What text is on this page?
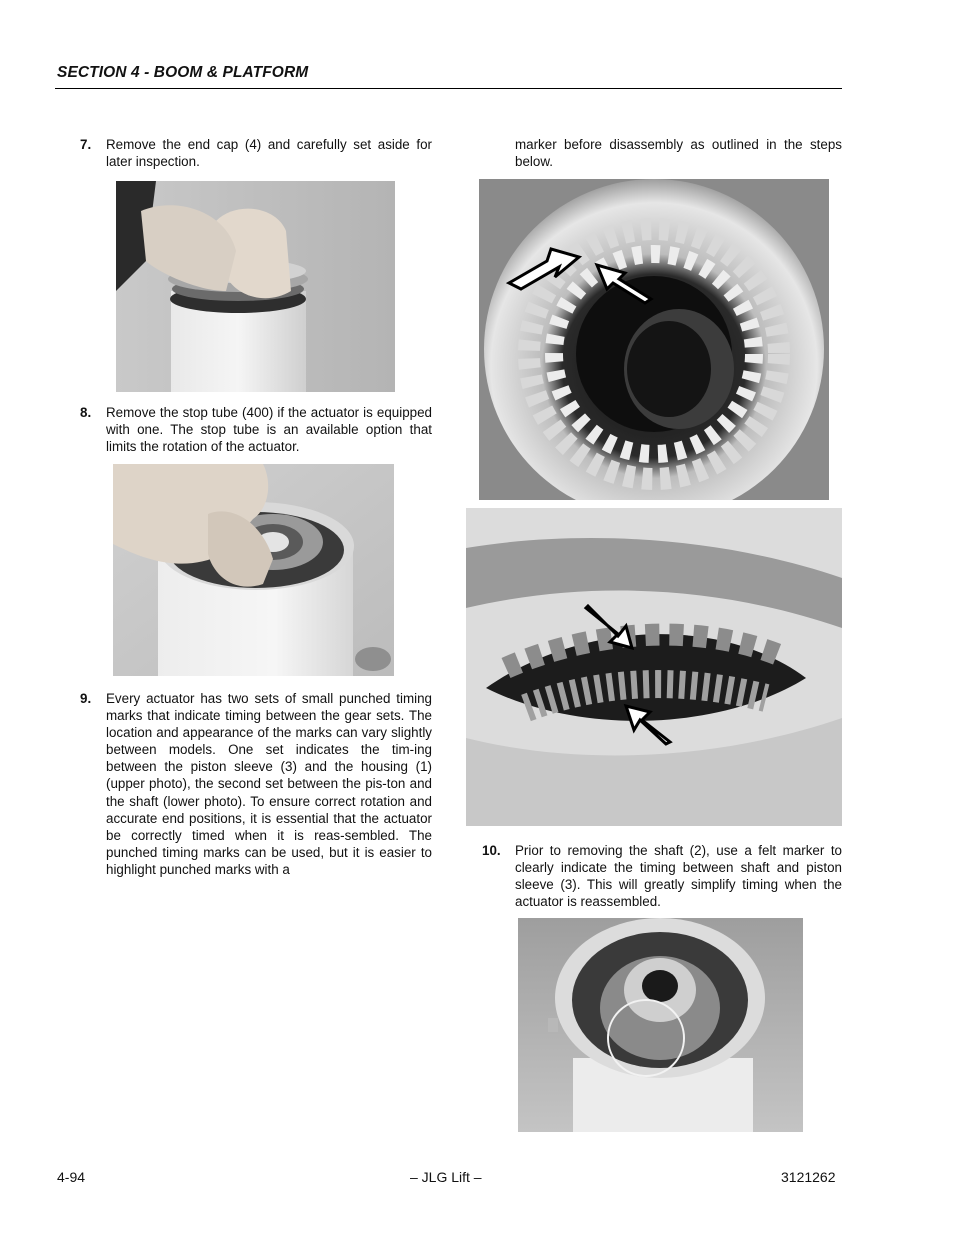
SECTION 4 - BOOM & PLATFORM
7.	Remove the end cap (4) and carefully set aside for later inspection.
8.	Remove the stop tube (400) if the actuator is equipped with one. The stop tube is an available option that limits the rotation of the actuator.
9.	Every actuator has two sets of small punched timing marks that indicate timing between the gear sets. The location and appearance of the marks can vary slightly between models. One set indicates the tim-ing between the piston sleeve (3) and the housing (1) (upper photo), the second set between the pis-ton and the shaft (lower photo). To ensure correct rotation and accurate end positions, it is essential that the actuator be correctly timed when it is reas-sembled. The punched timing marks can be used, but it is easier to highlight punched marks with a
marker before disassembly as outlined in the steps below.
10.	Prior to removing the shaft (2), use a felt marker to clearly indicate the timing between shaft and piston sleeve (3). This will greatly simplify timing when the actuator is reassembled.
4-94	– JLG Lift –	3121262
